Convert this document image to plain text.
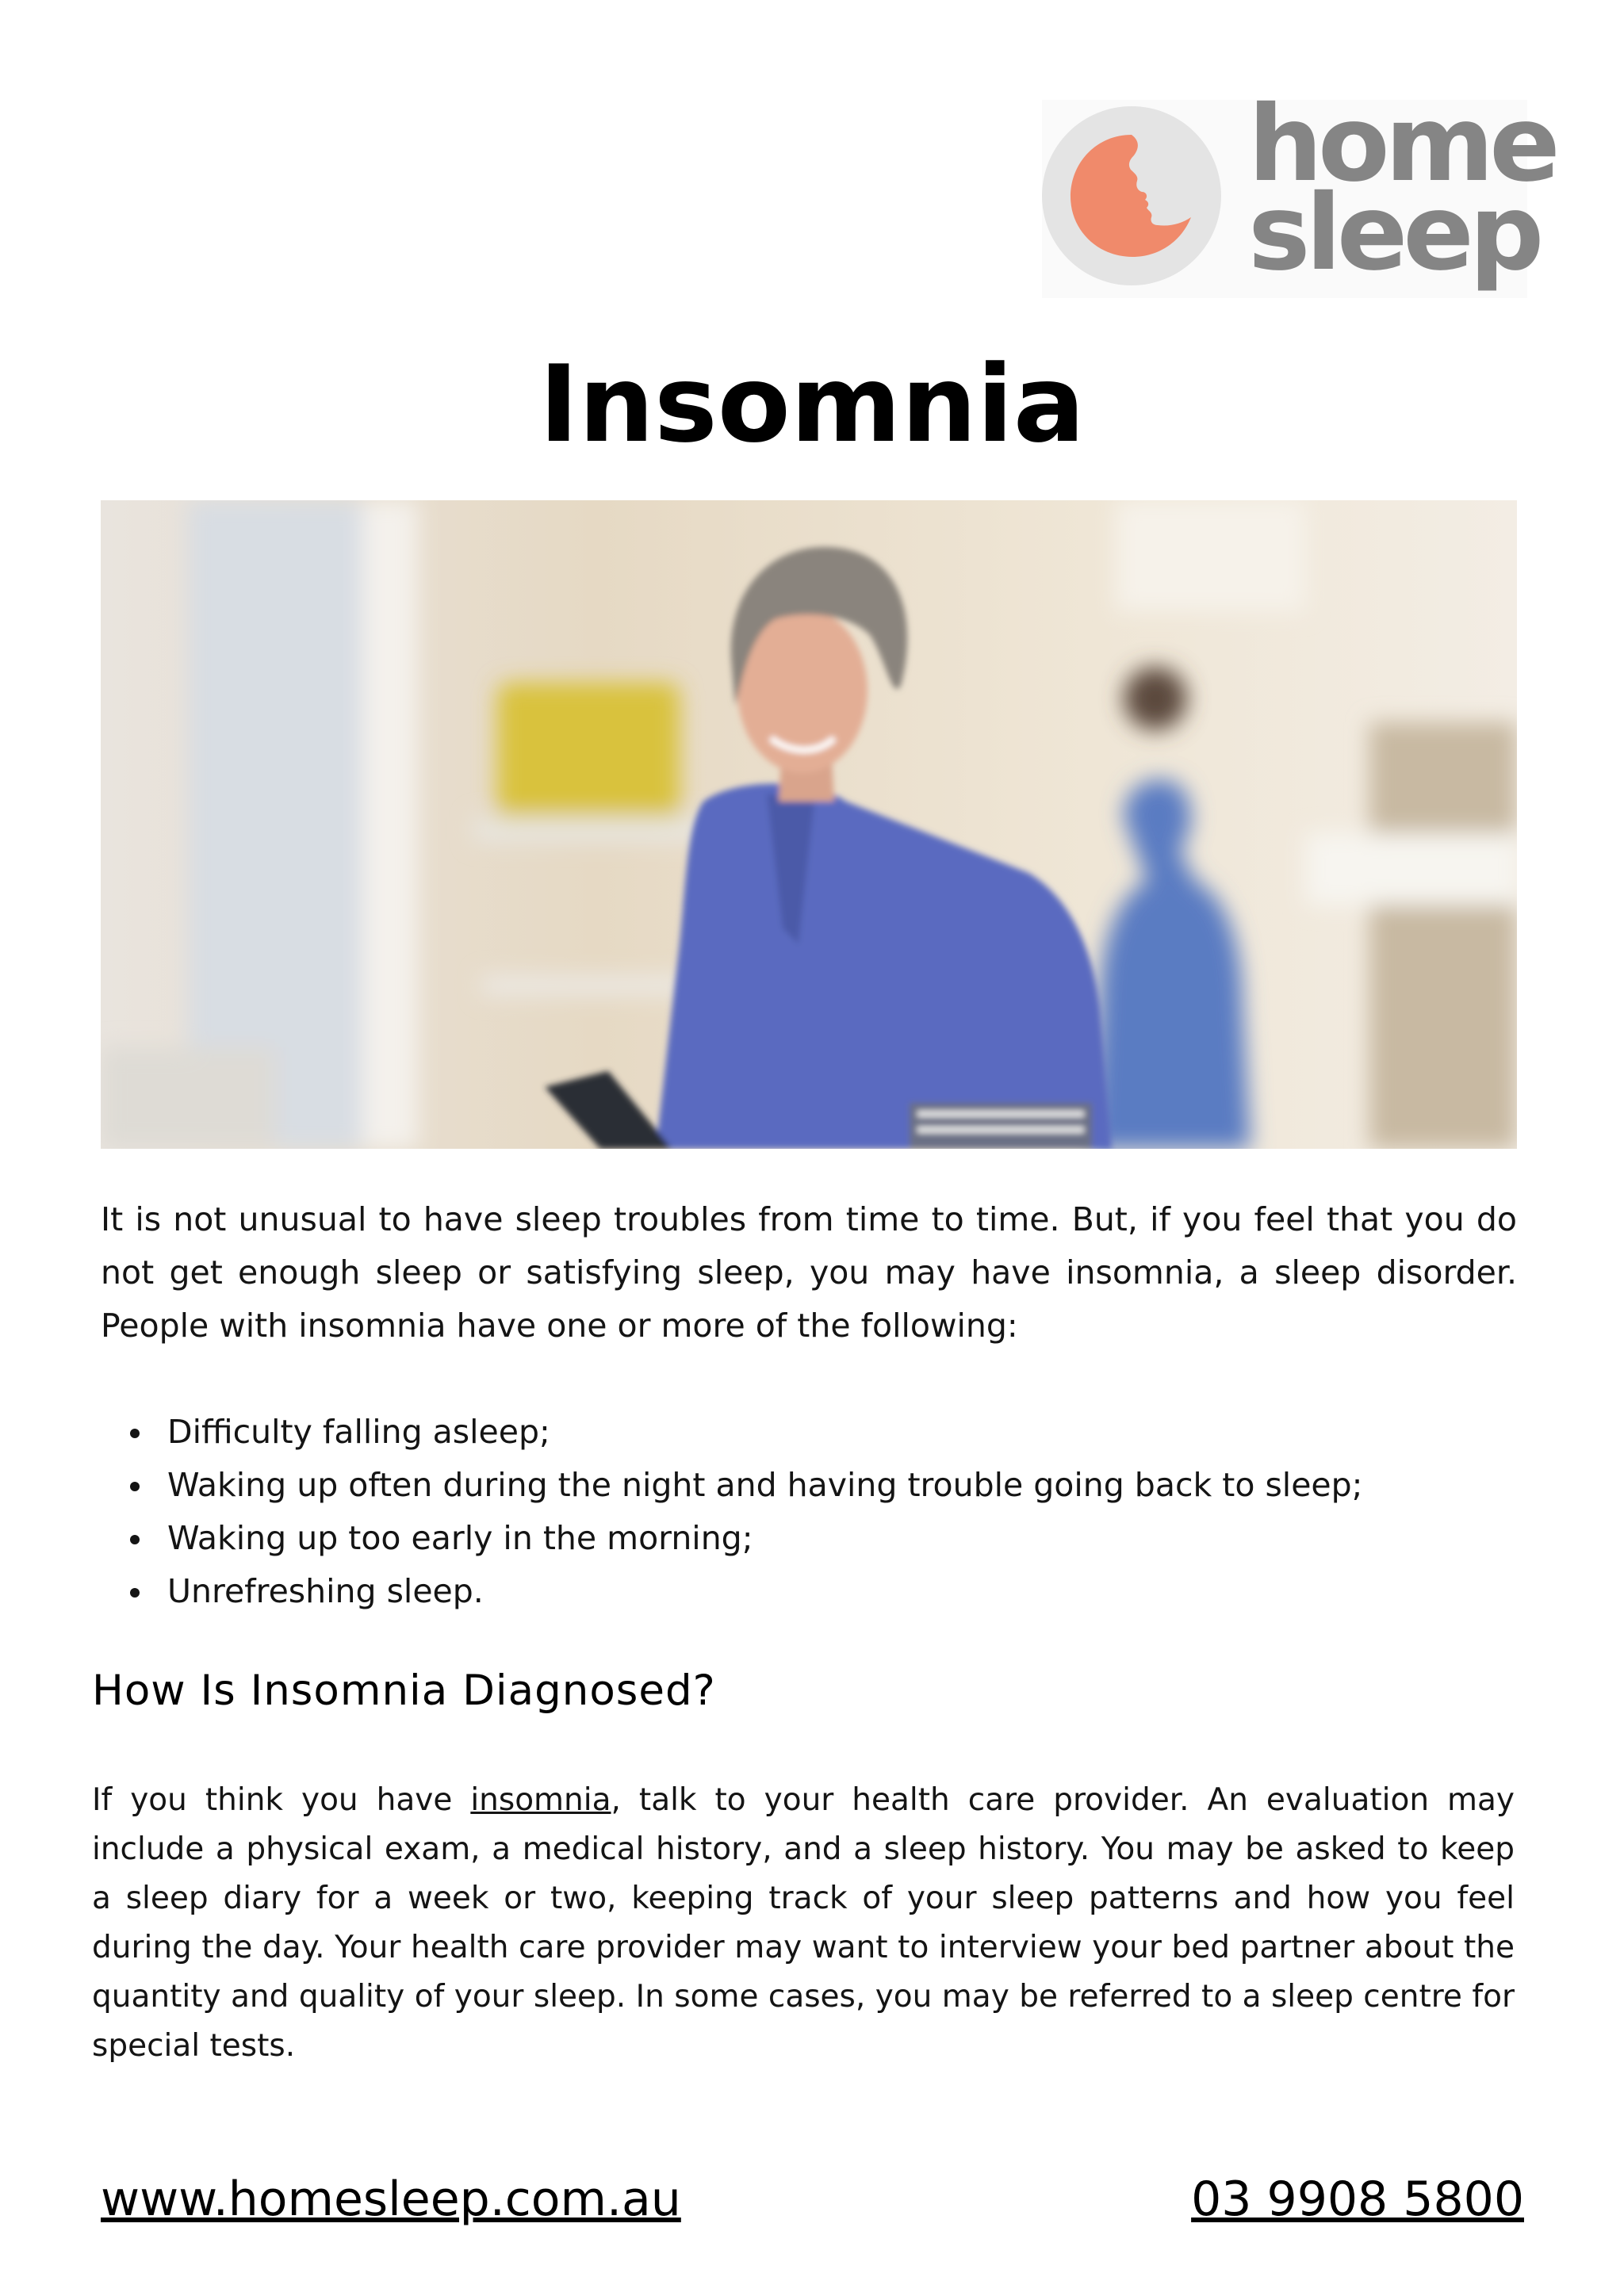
home
sleep
Insomnia

It is not unusual to have sleep troubles from time to time. But, if you feel that you do not get enough sleep or satisfying sleep, you may have insomnia, a sleep disorder. People with insomnia have one or more of the following:

Difficulty falling asleep;
Waking up often during the night and having trouble going back to sleep;
Waking up too early in the morning;
Unrefreshing sleep.
How Is Insomnia Diagnosed?

If you think you have insomnia, talk to your health care provider. An evaluation may include a physical exam, a medical history, and a sleep history. You may be asked to keep a sleep diary for a week or two, keeping track of your sleep patterns and how you feel during the day. Your health care provider may want to interview your bed partner about the quantity and quality of your sleep. In some cases, you may be referred to a sleep centre for special tests.

www.homesleep.com.au	03 9908 5800
